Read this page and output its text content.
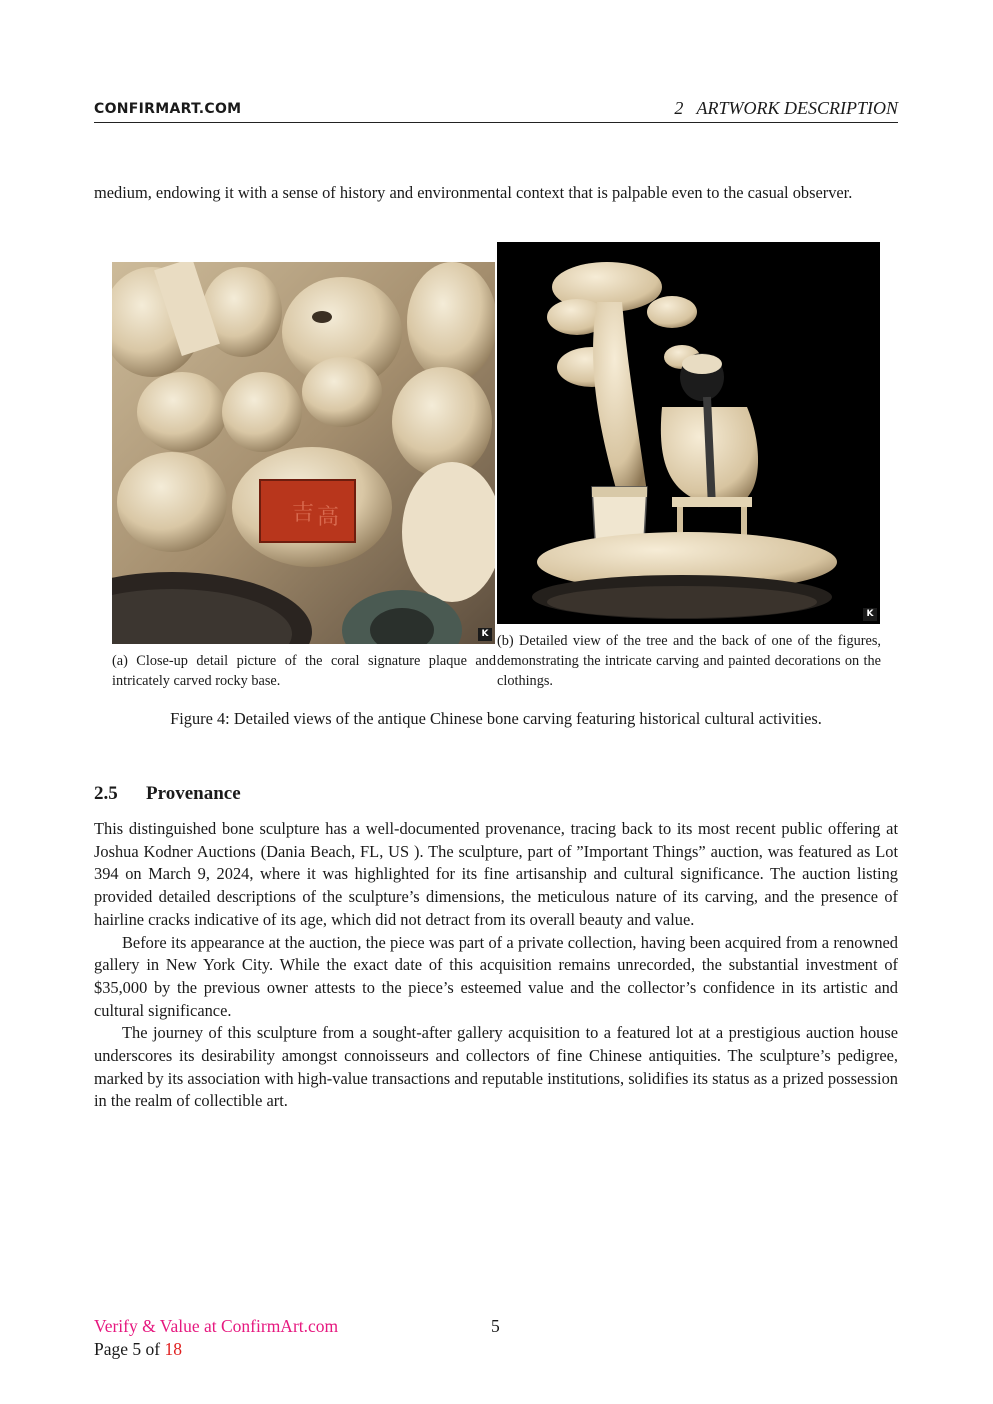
CONFIRMART.COM	2   ARTWORK DESCRIPTION

medium, endowing it with a sense of history and environmental context that is palpable even to the casual observer.

吉 高
K
K
(a) Close-up detail picture of the coral signature plaque and intricately carved rocky base.
(b) Detailed view of the tree and the back of one of the figures, demonstrating the intricate carving and painted decorations on the clothings.
Figure 4: Detailed views of the antique Chinese bone carving featuring historical cultural activities.
2.5 Provenance

This distinguished bone sculpture has a well-documented provenance, tracing back to its most recent public offering at Joshua Kodner Auctions (Dania Beach, FL, US ). The sculpture, part of ”Important Things” auction, was featured as Lot 394 on March 9, 2024, where it was highlighted for its fine artisanship and cultural significance. The auction listing provided detailed descriptions of the sculpture’s dimensions, the meticulous nature of its carving, and the presence of hairline cracks indicative of its age, which did not detract from its overall beauty and value.

Before its appearance at the auction, the piece was part of a private collection, having been acquired from a renowned gallery in New York City. While the exact date of this acquisition remains unrecorded, the substantial investment of $35,000 by the previous owner attests to the piece’s esteemed value and the collector’s confidence in its artistic and cultural significance.

The journey of this sculpture from a sought-after gallery acquisition to a featured lot at a prestigious auction house underscores its desirability amongst connoisseurs and collectors of fine Chinese antiquities. The sculpture’s pedigree, marked by its association with high-value transactions and reputable institutions, solidifies its status as a prized possession in the realm of collectible art.

Verify & Value at ConfirmArt.com	5
Page 5 of 18
